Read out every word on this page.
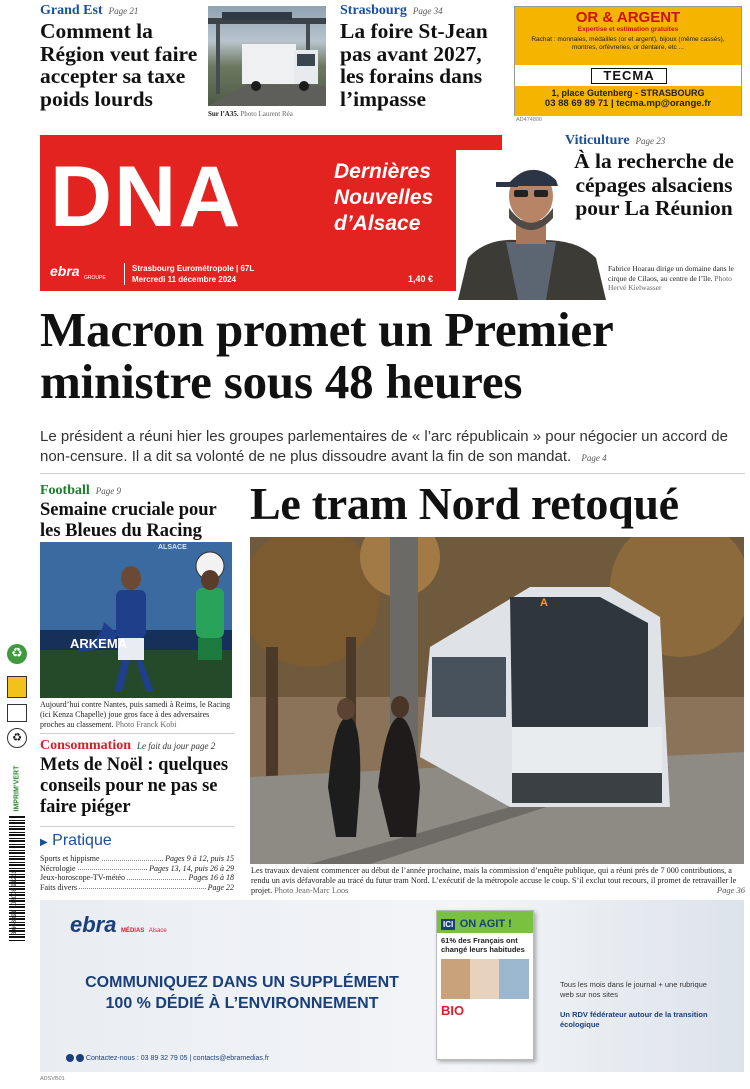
Grand Est Page 21
Comment la Région veut faire accepter sa taxe poids lourds
Sur l’A35. Photo Laurent Réa
Strasbourg Page 34
La foire St-Jean pas avant 2027, les forains dans l’impasse
OR & ARGENT
Expertise et estimation gratuites
Rachat : monnaies, médailles (or et argent), bijoux (même cassés), montres, orfèvreries, or dentaire, etc ...
TECMA
1, place Gutenberg - STRASBOURG
03 88 69 89 71 | tecma.mp@orange.fr
AD474800
DNA	Dernières
Nouvelles
d’Alsace
ebra GROUPE
Strasbourg Eurométropole | 67L
Mercredi 11 décembre 2024	1,40 €
Viticulture Page 23
À la recherche de cépages alsaciens pour La Réunion
Fabrice Hoarau dirige un domaine dans le cirque de Cilaos, au centre de l’île. Photo Hervé Kielwasser
Macron promet un Premier ministre sous 48 heures
Le président a réuni hier les groupes parlementaires de « l’arc républicain » pour négocier un accord de non-censure. Il a dit sa volonté de ne plus dissoudre avant la fin de son mandat. Page 4
Football Page 9
Semaine cruciale pour les Bleues du Racing
ARKEMA
ALSACE
Aujourd’hui contre Nantes, puis samedi à Reims, le Racing (ici Kenza Chapelle) joue gros face à des adversaires proches au classement. Photo Franck Kobi
Consommation Le fait du jour page 2
Mets de Noël : quelques conseils pour ne pas se faire piéger
▶ Pratique
Sports et hippisme	Pages 9 à 12, puis 15
Nécrologie	Pages 13, 14, puis 26 à 29
Jeux-horoscope-TV-météo	Pages 16 à 18
Faits divers	Page 22
Le tram Nord retoqué
A
Les travaux devaient commencer au début de l’année prochaine, mais la commission d’enquête publique, qui a réuni près de 7 000 contributions, a rendu un avis défavorable au tracé du futur tram Nord. L’exécutif de la métropole accuse le coup. S’il exclut tout recours, il promet de retravailler le projet. Photo Jean-Marc Loos	Page 36
♻
♻
IMPRIM’VERT
3 663091 102008 91211 ebra MÉDIAS Alsace
COMMUNIQUEZ DANS UN SUPPLÉMENT
100 % DÉDIÉ À L’ENVIRONNEMENT
ICI ON AGIT !
61% des Français ont changé leurs habitudes
BIO
Tous les mois dans le journal + une rubrique web sur nos sites
Un RDV fédérateur autour de la transition écologique
Contactez-nous : 03 89 32 79 05 | contacts@ebramedias.fr
ADSVB01
